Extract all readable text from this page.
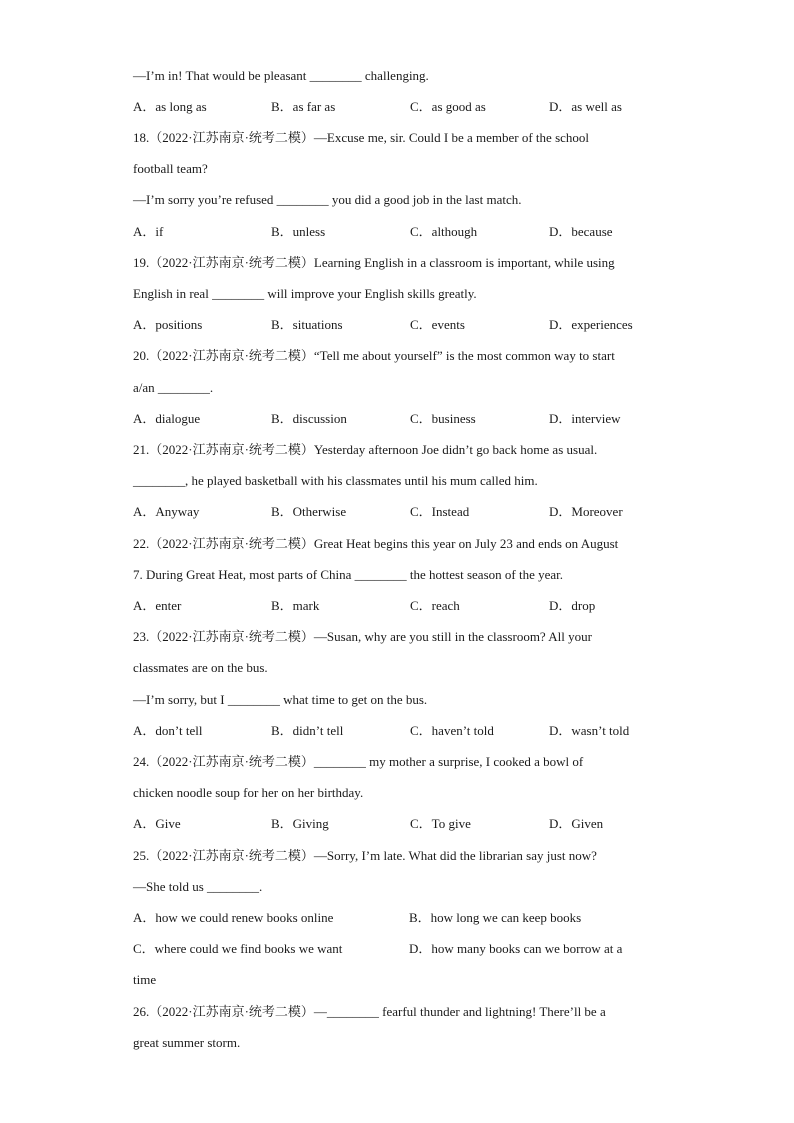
—I’m in! That would be pleasant ________ challenging.
A．as long as	B．as far as	C．as good as	D．as well as
18.（2022·江苏南京·统考二模）—Excuse me, sir. Could I be a member of the school
football team?
—I’m sorry you’re refused ________ you did a good job in the last match.
A．if	B．unless	C．although	D．because
19.（2022·江苏南京·统考二模）Learning English in a classroom is important, while using
English in real ________ will improve your English skills greatly.
A．positions	B．situations	C．events	D．experiences
20.（2022·江苏南京·统考二模）“Tell me about yourself” is the most common way to start
a/an ________.
A．dialogue	B．discussion	C．business	D．interview
21.（2022·江苏南京·统考二模）Yesterday afternoon Joe didn’t go back home as usual.
________, he played basketball with his classmates until his mum called him.
A．Anyway	B．Otherwise	C．Instead	D．Moreover
22.（2022·江苏南京·统考二模）Great Heat begins this year on July 23 and ends on August
7. During Great Heat, most parts of China ________ the hottest season of the year.
A．enter	B．mark	C．reach	D．drop
23.（2022·江苏南京·统考二模）—Susan, why are you still in the classroom? All your
classmates are on the bus.
—I’m sorry, but I ________ what time to get on the bus.
A．don’t tell	B．didn’t tell	C．haven’t told	D．wasn’t told
24.（2022·江苏南京·统考二模）________ my mother a surprise, I cooked a bowl of
chicken noodle soup for her on her birthday.
A．Give	B．Giving	C．To give	D．Given
25.（2022·江苏南京·统考二模）—Sorry, I’m late. What did the librarian say just now?
—She told us ________.
A．how we could renew books online	B．how long we can keep books
C．where could we find books we want	D．how many books can we borrow at a
time
26.（2022·江苏南京·统考二模）—________ fearful thunder and lightning! There’ll be a
great summer storm.
